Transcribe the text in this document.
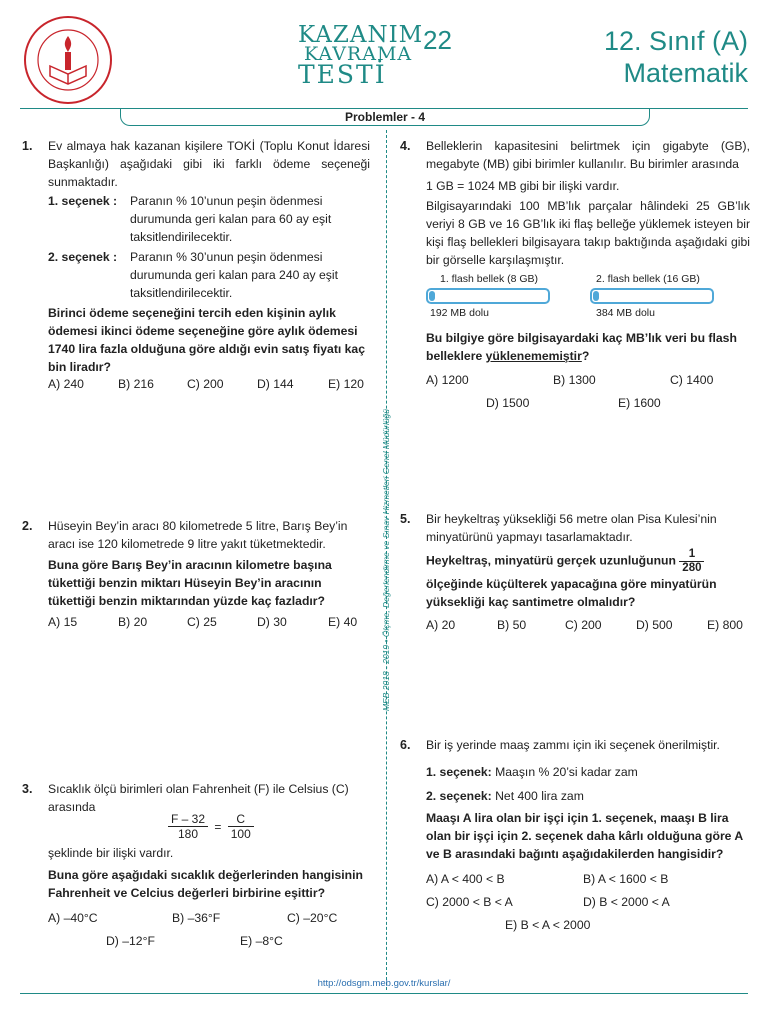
KAZANIM
KAVRAMA
TESTİ
22	12. Sınıf (A)
Matematik
Problemler - 4
MEB 2018 - 2019 • Ölçme, Değerlendirme ve Sınav Hizmetleri Genel Müdürlüğü
1. Ev almaya hak kazanan kişilere TOKİ (Toplu Konut İdaresi Başkanlığı) aşağıdaki gibi iki farklı ödeme seçeneği sunmaktadır.
1. seçenek : Paranın % 10’unun peşin ödenmesi durumunda geri kalan para 60 ay eşit taksitlendirilecektir.
2. seçenek : Paranın % 30’unun peşin ödenmesi durumunda geri kalan para 240 ay eşit taksitlendirilecektir.
Birinci ödeme seçeneğini tercih eden kişinin aylık ödemesi ikinci ödeme seçeneğine göre aylık ödemesi 1740 lira fazla olduğuna göre aldığı evin satış fiyatı kaç bin liradır?
A) 240	B) 216	C) 200	D) 144	E) 120
2. Hüseyin Bey’in aracı 80 kilometrede 5 litre, Barış Bey’in aracı ise 120 kilometrede 9 litre yakıt tüketmektedir.
Buna göre Barış Bey’in aracının kilometre başına tükettiği benzin miktarı Hüseyin Bey’in aracının tükettiği benzin miktarından yüzde kaç fazladır?
A) 15	B) 20	C) 25	D) 30	E) 40
3. Sıcaklık ölçü birimleri olan Fahrenheit (F) ile Celsius (C) arasında
$\frac{F - 32}{180} = \frac{C}{100}$
şeklinde bir ilişki vardır.
Buna göre aşağıdaki sıcaklık değerlerinden hangisinin Fahrenheit ve Celcius değerleri birbirine eşittir?
A) –40°C	B) –36°F	C) –20°C
D) –12°F	E) –8°C
4. Belleklerin kapasitesini belirtmek için gigabyte (GB), megabyte (MB) gibi birimler kullanılır. Bu birimler arasında
1 GB = 1024 MB gibi bir ilişki vardır.
Bilgisayarındaki 100 MB’lık parçalar hâlindeki 25 GB’lık veriyi 8 GB ve 16 GB’lık iki flaş belleğe yüklemek isteyen bir kişi flaş bellekleri bilgisayara takıp baktığında aşağıdaki gibi bir görselle karşılaşmıştır.
1. flash bellek (8 GB)
192 MB dolu
2. flash bellek (16 GB)
384 MB dolu
Bu bilgiye göre bilgisayardaki kaç MB’lık veri bu flash belleklere yüklenememiştir?
A) 1200	B) 1300	C) 1400
D) 1500	E) 1600
5. Bir heykeltraş yüksekliği 56 metre olan Pisa Kulesi’nin minyatürünü yapmayı tasarlamaktadır.
Heykeltraş, minyatürü gerçek uzunluğunun $\frac{1}{280}$
ölçeğinde küçülterek yapacağına göre minyatürün yüksekliği kaç santimetre olmalıdır?
A) 20	B) 50	C) 200	D) 500	E) 800
6. Bir iş yerinde maaş zammı için iki seçenek önerilmiştir.
1. seçenek: Maaşın % 20’si kadar zam
2. seçenek: Net 400 lira zam
Maaşı A lira olan bir işçi için 1. seçenek, maaşı B lira olan bir işçi için 2. seçenek daha kârlı olduğuna göre A ve B arasındaki bağıntı aşağıdakilerden hangisidir?
A) A < 400 < B	B) A < 1600 < B
C) 2000 < B < A	D) B < 2000 < A
E) B < A < 2000
http://odsgm.meb.gov.tr/kurslar/
